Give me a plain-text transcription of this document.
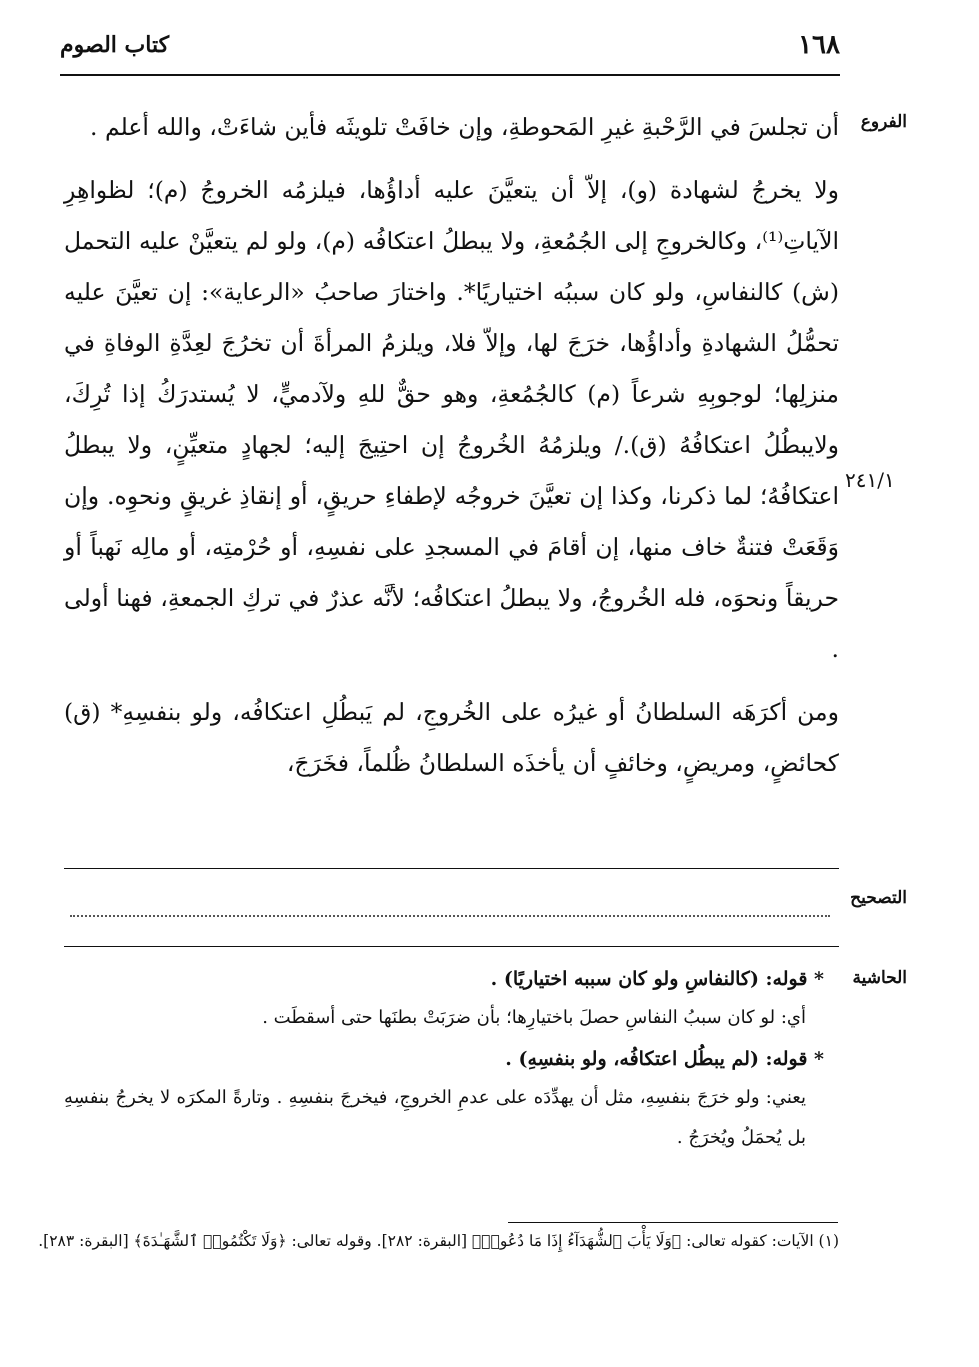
١٦٨
كتاب الصوم
الفروع
٢٤١/١

أن تجلسَ في الرَّحْبةِ غيرِ المَحوطةِ، وإن خافَتْ تلويثَه فأين شاءَتْ، والله أعلم .

ولا يخرجُ لشهادة (و)، إلاّ أن يتعيَّنَ عليه أداؤُها، فيلزمُه الخروجُ (م)؛ لظواهِرِ الآياتِ⁽¹⁾، وكالخروجِ إلى الجُمُعةِ، ولا يبطلُ اعتكافُه (م)، ولو لم يتعيَّنْ عليه التحمل (ش) كالنفاسِ، ولو كان سببُه اختياريًا*. واختارَ صاحبُ «الرعاية»: إن تعيَّنَ عليه تحمُّلُ الشهادةِ وأداؤُها، خرَجَ لها، وإلاّ فلا، ويلزمُ المرأةَ أن تخرُجَ لعِدَّةِ الوفاةِ في منزلِها؛ لوجوبِهِ شرعاً (م) كالجُمُعةِ، وهو حقٌّ للهِ ولآدميٍّ، لا يُستدرَكُ إذا تُرِكَ، ولايبطُلُ اعتكافُهُ (ق)./ ويلزمُهُ الخُروجُ إن احتِيجَ إليه؛ لجهادٍ متعيِّنٍ، ولا يبطلُ اعتكافُهُ؛ لما ذكرنا، وكذا إن تعيَّنَ خروجُه لإطفاءِ حريقٍ، أو إنقاذِ غريقٍ ونحوِه. وإن وَقَعَتْ فتنةٌ خاف منها، إن أقامَ في المسجدِ على نفسِهِ، أو حُرْمتِه، أو مالِه نَهباً أو حريقاً ونحوَه، فله الخُروجُ، ولا يبطلُ اعتكافُه؛ لأنَّه عذرٌ في تركِ الجمعةِ، فهنا أولى .

ومن أكرَهَه السلطانُ أو غيرُه على الخُروجِ، لم يَبطُلِ اعتكافُه، ولو بنفسِهِ* (ق) كحائضٍ، ومريضٍ، وخائفٍ أن يأخذَه السلطانُ ظُلماً، فخَرَجَ،

التصحيح
الحاشية
* قوله: (كالنفاسِ ولو كان سببه اختياريًا) .
أي: لو كان سببُ النفاسِ حصلَ باختيارِها؛ بأن ضرَبَتْ بطنَها حتى أسقطَت .
* قوله: (لم يبطُل اعتكافُه، ولو بنفسِهِ) .
يعني: ولو خرَجَ بنفسِهِ، مثل أن يهدِّدَه على عدمِ الخروجِ، فيخرجَ بنفسِهِ . وتارةً المكرَه لا يخرجُ بنفسِهِ بل يُحمَلُ ويُخرَجُ .
(١) الآيات: كقوله تعالى: ﴿وَلَا يَأْبَ ٱلشُّهَدَآءُ إِذَا مَا دُعُوا۟﴾ [البقرة: ٢٨٢]. وقوله تعالى: ﴿وَلَا تَكْتُمُوا۟ ٱلشَّهَـٰدَةَ﴾ [البقرة: ٢٨٣].
